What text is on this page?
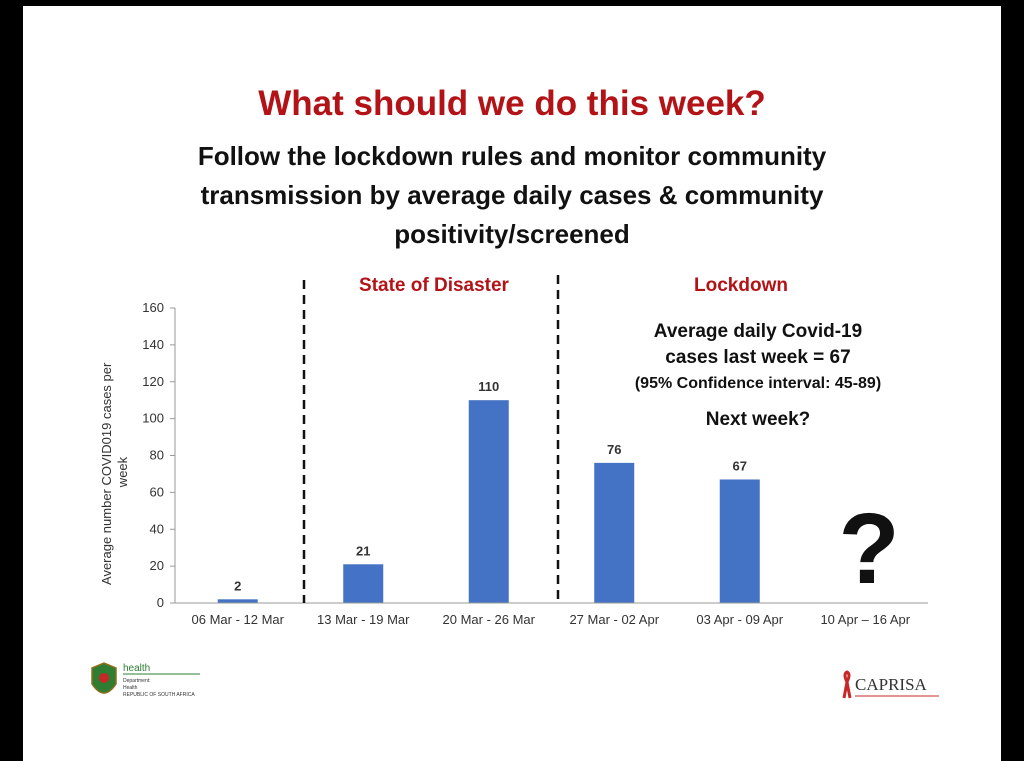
What should we do this week?
Follow the lockdown rules and monitor community
transmission by average daily cases & community
positivity/screened
0
20
40
60
80
100
120
140
160
2
21
110
76
67
06 Mar - 12 Mar	13 Mar - 19 Mar	20 Mar - 26 Mar	27 Mar - 02 Apr	03 Apr - 09 Apr	10 Apr – 16 Apr
State of Disaster	Lockdown
Average number COVID019 cases per week
Average daily Covid-19
cases last week = 67
(95% Confidence interval: 45-89)
Next week?
?
health
Department:
Health
REPUBLIC OF SOUTH AFRICA
CAPRISA
